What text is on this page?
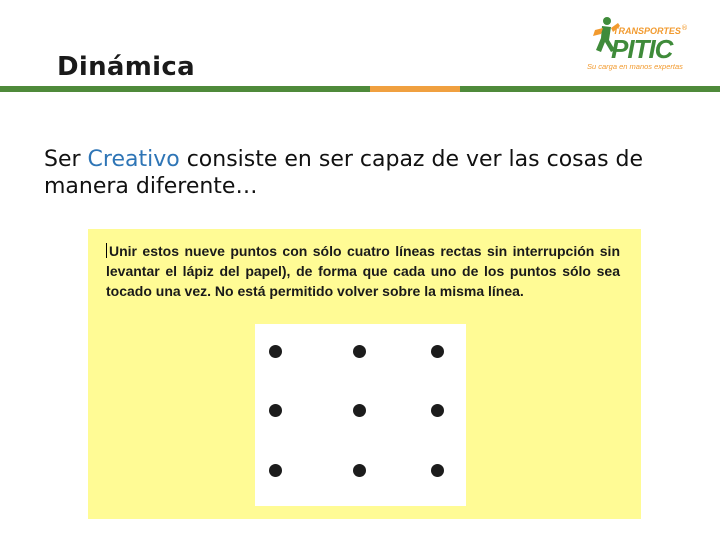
Dinámica
TRANSPORTES
PITIC
®
Su carga en manos expertas
Ser Creativo consiste en ser capaz de ver las cosas de manera diferente…
Unir estos nueve puntos con sólo cuatro líneas rectas sin interrupción sin levantar el lápiz del papel), de forma que cada uno de los puntos sólo sea tocado una vez. No está permitido volver sobre la misma línea.
